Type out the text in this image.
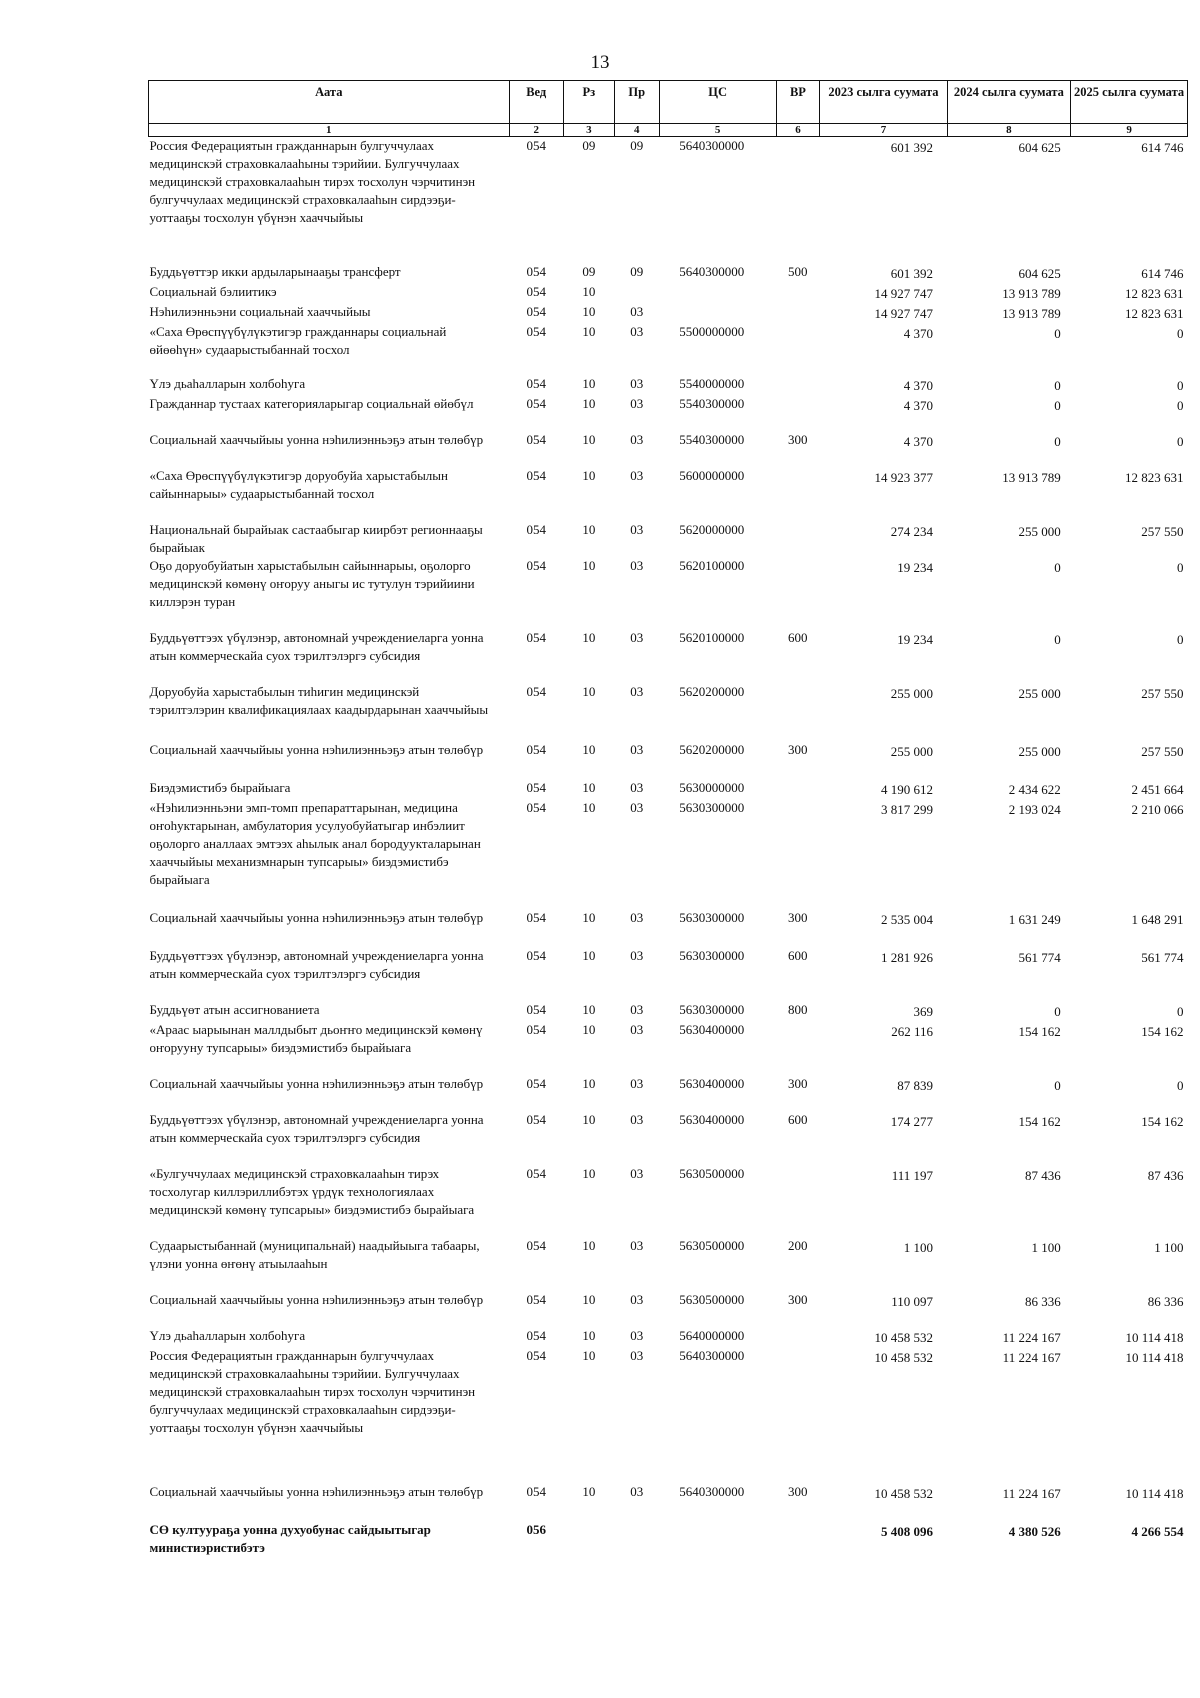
13
Аата	Вед	Рз	Пр	ЦС	ВР	2023 сылга суумата	2024 сылга суумата	2025 сылга суумата
1	2	3	4	5	6	7	8	9
Россия Федерациятын гражданнарын булгуччулаах медицинскэй страховкалааһыны тэрийии. Булгуччулаах медицинскэй страховкалааһын тирэх тосхолун чэрчитинэн булгуччулаах медицинскэй страховкалааһын сирдээҕи-уоттааҕы тосхолун үбүнэн хааччыйыы	054	09	09	5640300000		601 392	604 625	614 746
Буддьүөттэр икки ардыларынааҕы трансферт	054	09	09	5640300000	500	601 392	604 625	614 746
Социальнай бэлиитикэ	054	10				14 927 747	13 913 789	12 823 631
Нэһилиэнньэни социальнай хааччыйыы	054	10	03			14 927 747	13 913 789	12 823 631
«Саха Өрөспүүбүлүкэтигэр гражданнары социальнай өйөөһүн» судаарыстыбаннай тосхол	054	10	03	5500000000		4 370	0	0
Үлэ дьаһалларын холбоһуга	054	10	03	5540000000		4 370	0	0
Гражданнар тустаах категорияларыгар социальнай өйөбүл	054	10	03	5540300000		4 370	0	0
Социальнай хааччыйыы уонна нэһилиэнньэҕэ атын төлөбүр	054	10	03	5540300000	300	4 370	0	0
«Саха Өрөспүүбүлүкэтигэр доруобуйа харыстабылын сайыннарыы» судаарыстыбаннай тосхол	054	10	03	5600000000		14 923 377	13 913 789	12 823 631
Национальнай бырайыак састаабыгар киирбэт регионнааҕы бырайыак	054	10	03	5620000000		274 234	255 000	257 550
Оҕо доруобуйатын харыстабылын сайыннарыы, оҕолорго медицинскэй көмөнү оҥоруу аныгы ис тутулун тэрийиини киллэрэн туран	054	10	03	5620100000		19 234	0	0
Буддьүөттээх үбүлэнэр, автономнай учреждениеларга уонна атын коммерческайа суох тэрилтэлэргэ субсидия	054	10	03	5620100000	600	19 234	0	0
Доруобуйа харыстабылын тиһигин медицинскэй тэрилтэлэрин квалификациялаах каадырдарынан хааччыйыы	054	10	03	5620200000		255 000	255 000	257 550
Социальнай хааччыйыы уонна нэһилиэнньэҕэ атын төлөбүр	054	10	03	5620200000	300	255 000	255 000	257 550
Биэдэмистибэ бырайыага	054	10	03	5630000000		4 190 612	2 434 622	2 451 664
«Нэһилиэнньэни эмп-томп препараттарынан, медицина оҥоһуктарынан, амбулатория усулуобуйатыгар инбэлиит оҕолорго аналлаах эмтээх аһылык анал бородуукталарынан хааччыйыы механизмнарын тупсарыы» биэдэмистибэ бырайыага	054	10	03	5630300000		3 817 299	2 193 024	2 210 066
Социальнай хааччыйыы уонна нэһилиэнньэҕэ атын төлөбүр	054	10	03	5630300000	300	2 535 004	1 631 249	1 648 291
Буддьүөттээх үбүлэнэр, автономнай учреждениеларга уонна атын коммерческайа суох тэрилтэлэргэ субсидия	054	10	03	5630300000	600	1 281 926	561 774	561 774
Буддьүөт атын ассигнованиета	054	10	03	5630300000	800	369	0	0
«Араас ыарыынан маллдыбыт дьоҥҥо медицинскэй көмөнү оҥорууну тупсарыы» биэдэмистибэ бырайыага	054	10	03	5630400000		262 116	154 162	154 162
Социальнай хааччыйыы уонна нэһилиэнньэҕэ атын төлөбүр	054	10	03	5630400000	300	87 839	0	0
Буддьүөттээх үбүлэнэр, автономнай учреждениеларга уонна атын коммерческайа суох тэрилтэлэргэ субсидия	054	10	03	5630400000	600	174 277	154 162	154 162
«Булгуччулаах медицинскэй страховкалааһын тирэх тосхолугар киллэриллибэтэх үрдүк технологиялаах медицинскэй көмөнү тупсарыы» биэдэмистибэ бырайыага	054	10	03	5630500000		111 197	87 436	87 436
Судаарыстыбаннай (муниципальнай) наадыйыыга табаары, үлэни уонна өҥөнү атыылааһын	054	10	03	5630500000	200	1 100	1 100	1 100
Социальнай хааччыйыы уонна нэһилиэнньэҕэ атын төлөбүр	054	10	03	5630500000	300	110 097	86 336	86 336
Үлэ дьаһалларын холбоһуга	054	10	03	5640000000		10 458 532	11 224 167	10 114 418
Россия Федерациятын гражданнарын булгуччулаах медицинскэй страховкалааһыны тэрийии. Булгуччулаах медицинскэй страховкалааһын тирэх тосхолун чэрчитинэн булгуччулаах медицинскэй страховкалааһын сирдээҕи-уоттааҕы тосхолун үбүнэн хааччыйыы	054	10	03	5640300000		10 458 532	11 224 167	10 114 418
Социальнай хааччыйыы уонна нэһилиэнньэҕэ атын төлөбүр	054	10	03	5640300000	300	10 458 532	11 224 167	10 114 418
СӨ култуураҕа уонна духуобунас сайдыытыгар министиэристибэтэ	056					5 408 096	4 380 526	4 266 554
